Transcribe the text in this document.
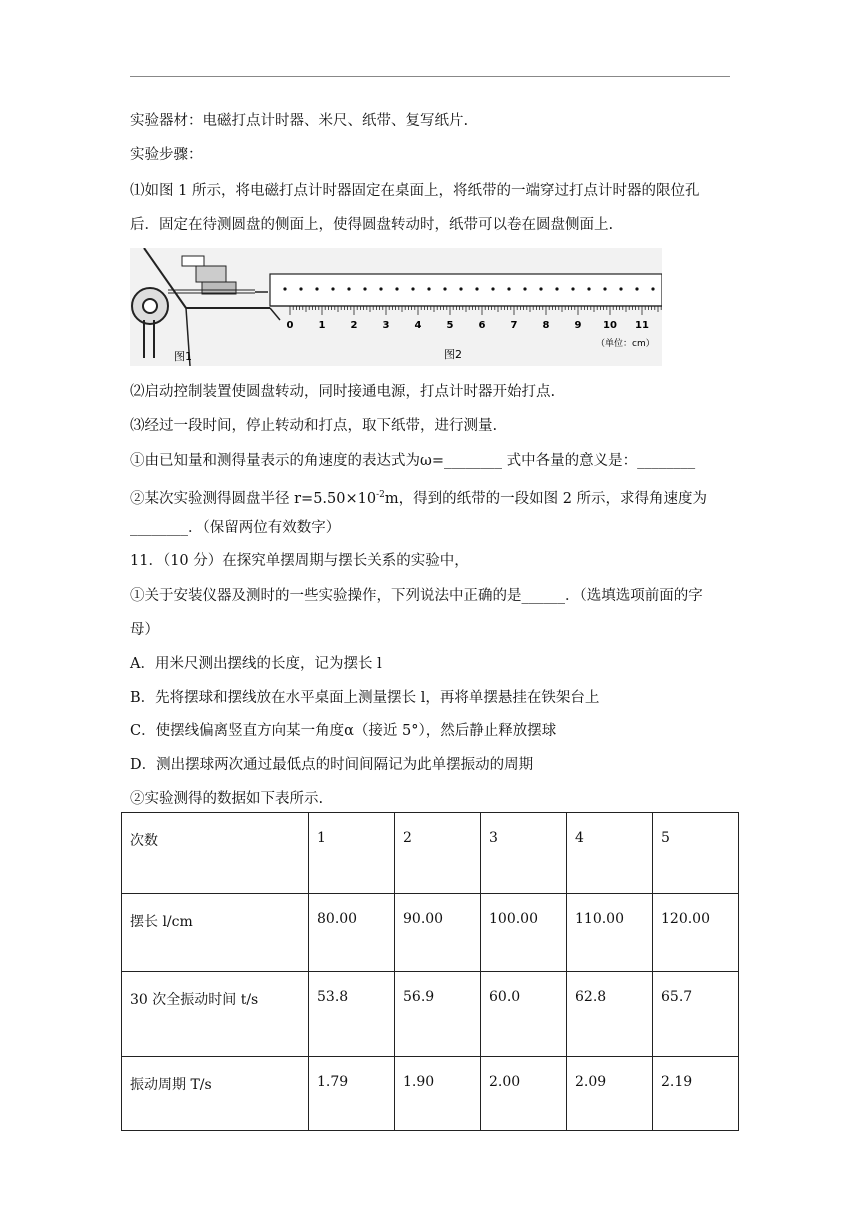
实验器材：电磁打点计时器、米尺、纸带、复写纸片.
实验步骤：
⑴如图 1 所示，将电磁打点计时器固定在桌面上，将纸带的一端穿过打点计时器的限位孔
后．固定在待测圆盘的侧面上，使得圆盘转动时，纸带可以卷在圆盘侧面上.
图1
0	1	2	3	4	5	6	7	8	9 10 11
图2
（单位：cm）
⑵启动控制装置使圆盘转动，同时接通电源，打点计时器开始打点.
⑶经过一段时间，停止转动和打点，取下纸带，进行测量.
①由已知量和测得量表示的角速度的表达式为ω=________ 式中各量的意义是：________
②某次实验测得圆盘半径 $r=5.50\times 10^{-2}m$，得到的纸带的一段如图 2 所示，求得角速度为
________．（保留两位有效数字）
11．（10 分）在探究单摆周期与摆长关系的实验中，
①关于安装仪器及测时的一些实验操作，下列说法中正确的是______．（选填选项前面的字
母）
A．用米尺测出摆线的长度，记为摆长 l
B．先将摆球和摆线放在水平桌面上测量摆长 l，再将单摆悬挂在铁架台上
C．使摆线偏离竖直方向某一角度α（接近 5°），然后静止释放摆球
D．测出摆球两次通过最低点的时间间隔记为此单摆振动的周期
②实验测得的数据如下表所示.
次数	1	2	3	4	5
摆长 l/cm	80.00	90.00	100.00	110.00	120.00
30 次全振动时间 t/s	53.8	56.9	60.0	62.8	65.7
振动周期 T/s	1.79	1.90	2.00	2.09	2.19
